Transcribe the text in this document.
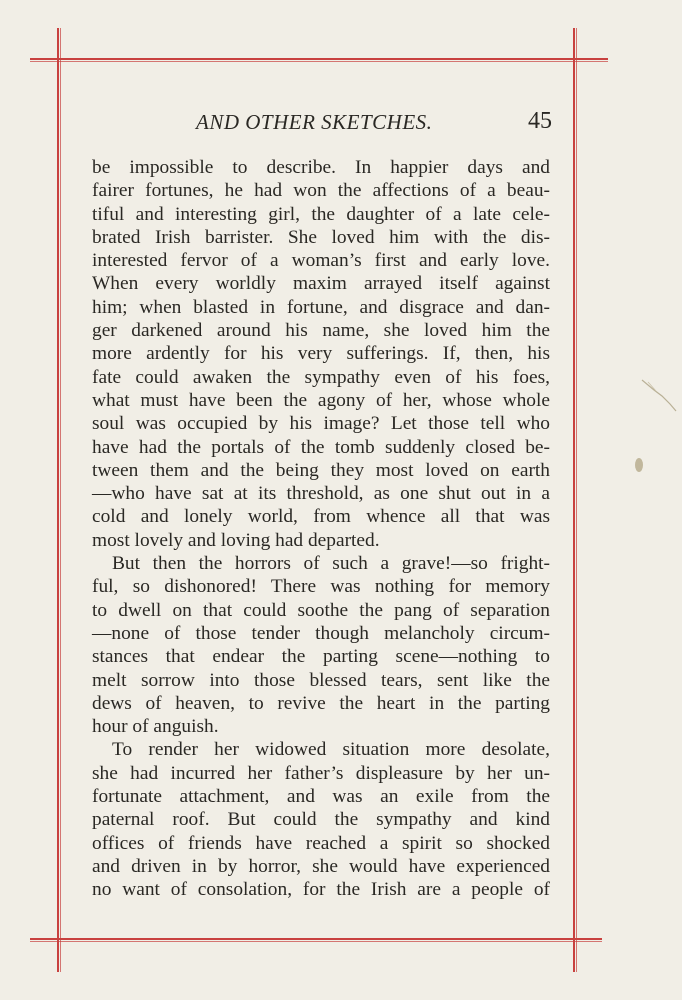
AND OTHER SKETCHES.	45
be impossible to describe. In happier days and
fairer fortunes, he had won the affections of a beau-
tiful and interesting girl, the daughter of a late cele-
brated Irish barrister. She loved him with the dis-
interested fervor of a woman’s first and early love.
When every worldly maxim arrayed itself against
him; when blasted in fortune, and disgrace and dan-
ger darkened around his name, she loved him the
more ardently for his very sufferings. If, then, his
fate could awaken the sympathy even of his foes,
what must have been the agony of her, whose whole
soul was occupied by his image? Let those tell who
have had the portals of the tomb suddenly closed be-
tween them and the being they most loved on earth
—who have sat at its threshold, as one shut out in a
cold and lonely world, from whence all that was
most lovely and loving had departed.
But then the horrors of such a grave!—so fright-
ful, so dishonored! There was nothing for memory
to dwell on that could soothe the pang of separation
—none of those tender though melancholy circum-
stances that endear the parting scene—nothing to
melt sorrow into those blessed tears, sent like the
dews of heaven, to revive the heart in the parting
hour of anguish.
To render her widowed situation more desolate,
she had incurred her father’s displeasure by her un-
fortunate attachment, and was an exile from the
paternal roof. But could the sympathy and kind
offices of friends have reached a spirit so shocked
and driven in by horror, she would have experienced
no want of consolation, for the Irish are a people of
